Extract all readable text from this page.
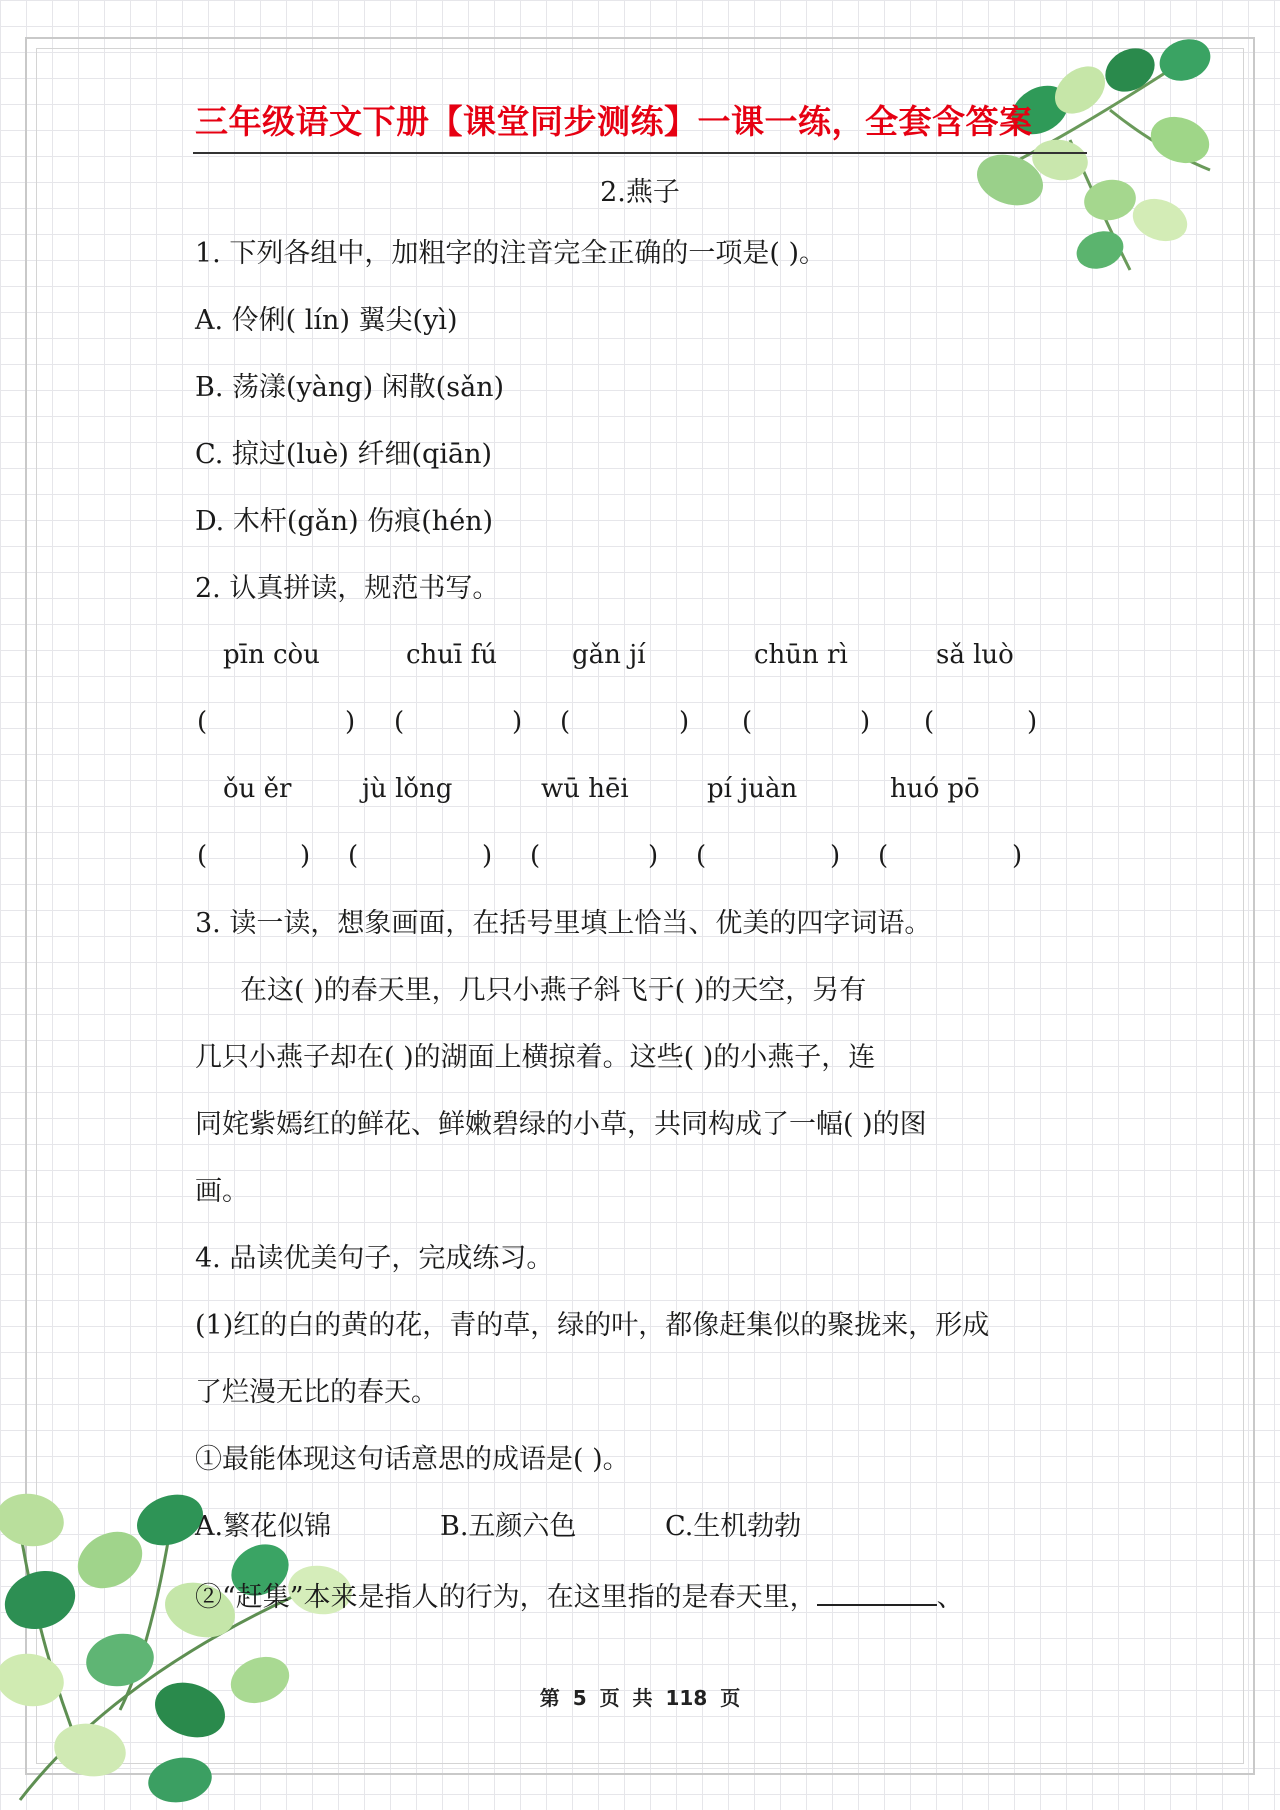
三年级语文下册【课堂同步测练】一课一练，全套含答案
2.燕子
1. 下列各组中，加粗字的注音完全正确的一项是( )。
A. 伶俐( lín) 翼尖(yì)
B. 荡漾(yàng) 闲散(sǎn)
C. 掠过(luè) 纤细(qiān)
D. 木杆(gǎn) 伤痕(hén)
2. 认真拼读，规范书写。
pīn còu	chuī fú	gǎn jí	chūn rì	sǎ luò
(	) (	) (	) (	) (	)
ǒu ěr	jù lǒng	wū hēi	pí juàn	huó pō
(	) (	) (	) (	) (	)
3. 读一读，想象画面，在括号里填上恰当、优美的四字词语。
在这( )的春天里，几只小燕子斜飞于( )的天空，另有
几只小燕子却在( )的湖面上横掠着。这些( )的小燕子，连
同姹紫嫣红的鲜花、鲜嫩碧绿的小草，共同构成了一幅( )的图
画。
4. 品读优美句子，完成练习。
(1)红的白的黄的花，青的草，绿的叶，都像赶集似的聚拢来，形成
了烂漫无比的春天。
①最能体现这句话意思的成语是( )。
A.繁花似锦	B.五颜六色	C.生机勃勃
②“赶集”本来是指人的行为，在这里指的是春天里，	、
第 5 页 共 118 页
